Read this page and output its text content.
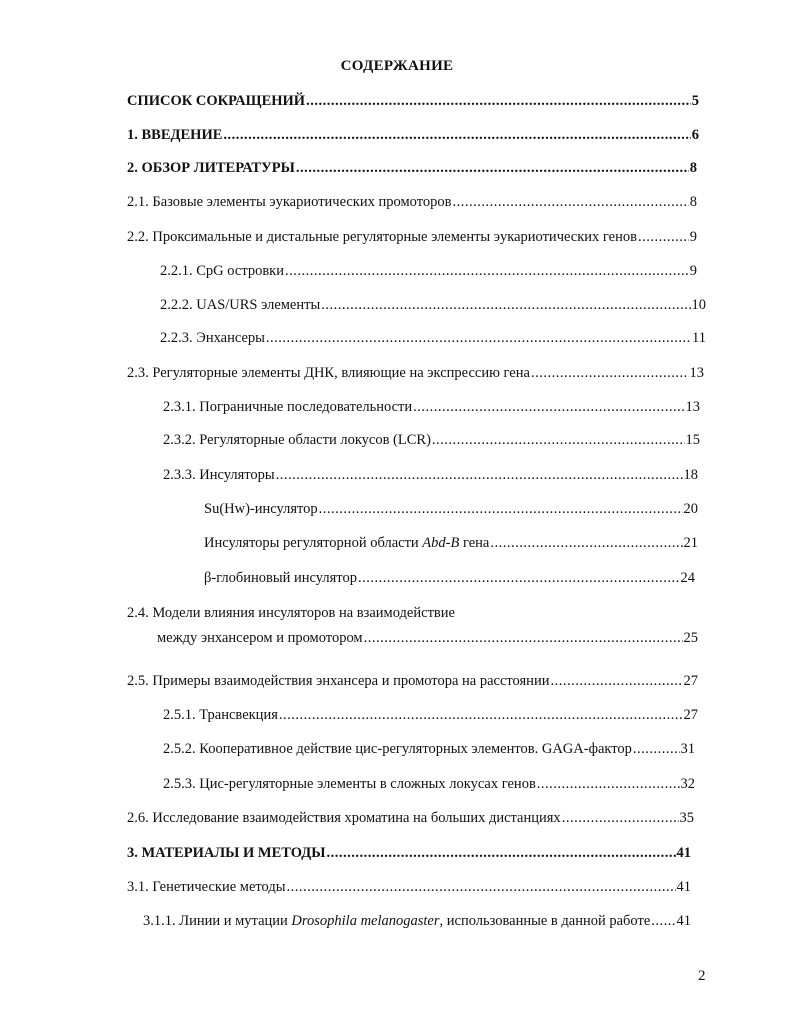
СОДЕРЖАНИЕ
СПИСОК СОКРАЩЕНИЙ .....	5
1. ВВЕДЕНИЕ .....	6
2. ОБЗОР ЛИТЕРАТУРЫ .....	8
2.1. Базовые элементы эукариотических промоторов .....	8
2.2. Проксимальные и дистальные регуляторные элементы эукариотических генов .....	9
2.2.1. CpG островки .....	9
2.2.2. UAS/URS элементы .....	10
2.2.3. Энхансеры .....	11
2.3. Регуляторные элементы ДНК, влияющие на экспрессию гена .....	13
2.3.1. Пограничные последовательности .....	13
2.3.2. Регуляторные области локусов (LCR) .....	15
2.3.3. Инсуляторы .....	18
Su(Hw)-инсулятор .....	20
Инсуляторы регуляторной области Abd-B гена .....	21
β-глобиновый инсулятор .....	24
2.4. Модели влияния инсуляторов на взаимодействие
между энхансером и промотором .....	25
2.5. Примеры взаимодействия энхансера и промотора на расстоянии .....	27
2.5.1. Трансвекция .....	27
2.5.2. Кооперативное действие цис-регуляторных элементов. GAGA-фактор .....	31
2.5.3. Цис-регуляторные элементы в сложных локусах генов .....	32
2.6. Исследование взаимодействия хроматина на больших дистанциях .....	35
3. МАТЕРИАЛЫ И МЕТОДЫ .....	41
3.1. Генетические методы .....	41
3.1.1. Линии и мутации Drosophila melanogaster, использованные в данной работе ..... 41
2
